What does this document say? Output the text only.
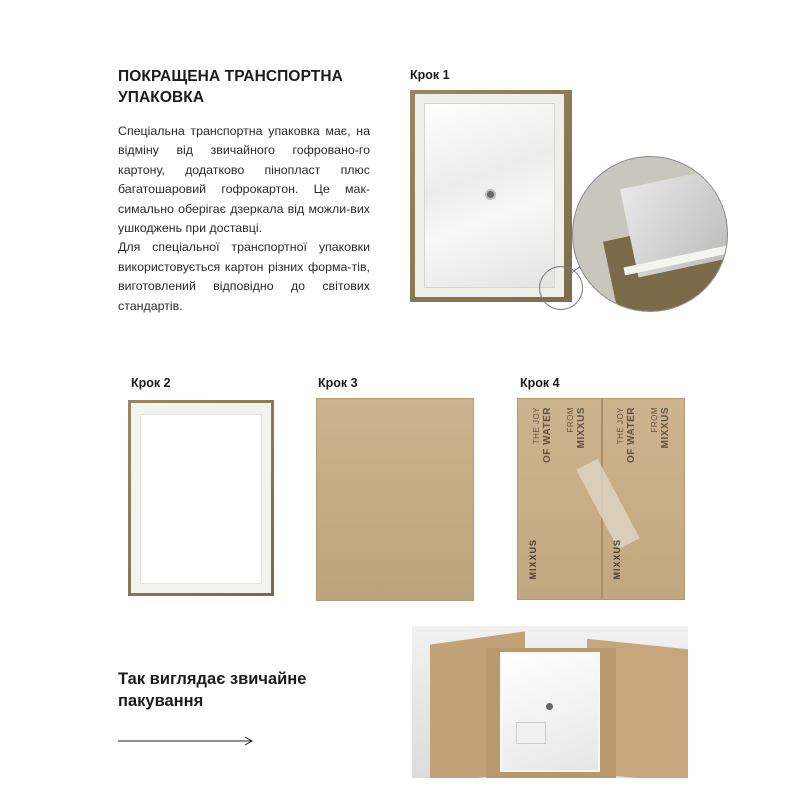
ПОКРАЩЕНА ТРАНСПОРТНА
УПАКОВКА
Спеціальна транспортна упаковка має, на відміну від звичайного гофровано-го картону, додатково пінопласт плюс багатошаровий гофрокартон. Це мак-симально оберігає дзеркала від можли-вих ушкоджень при доставці.
Для спеціальної транспортної упаковки використовується картон різних форма-тів, виготовлений відповідно до світових стандартів.
Крок 1
Крок 2	Крок 3	Крок 4
THE JOY OF WATER FROM MIXXUS	THE JOY OF WATER FROM MIXXUS
MIXXUS	MIXXUS
Так виглядає звичайне
пакування
